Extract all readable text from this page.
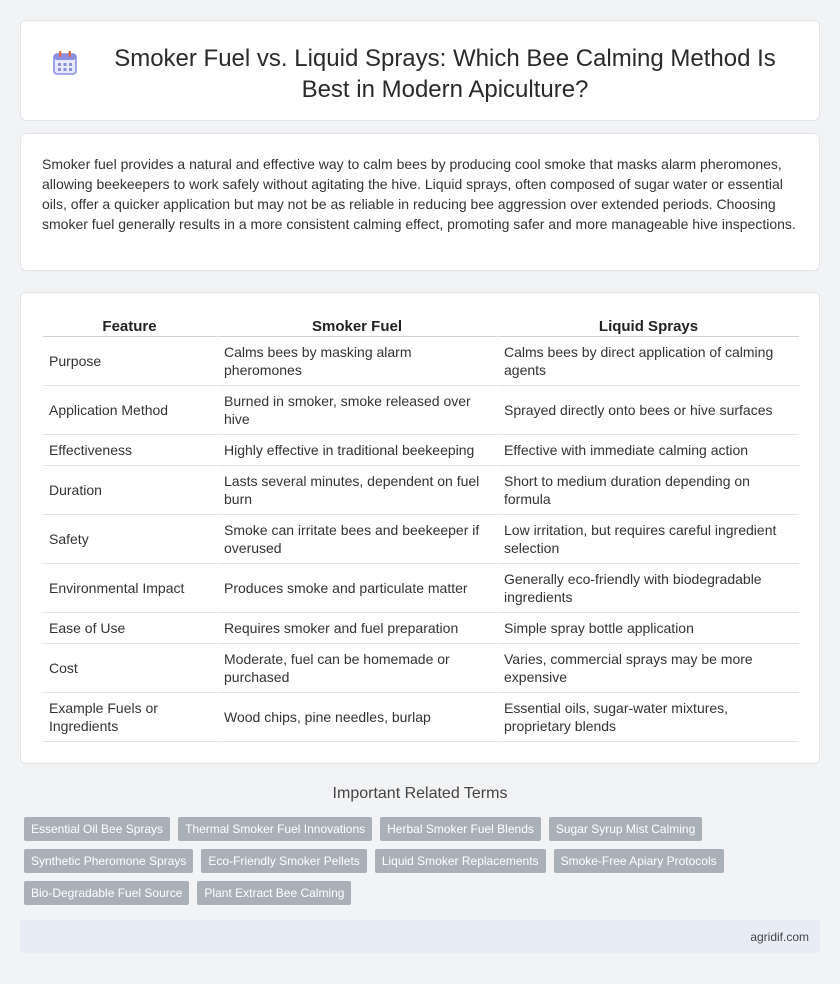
Smoker Fuel vs. Liquid Sprays: Which Bee Calming Method Is Best in Modern Apiculture?

Smoker fuel provides a natural and effective way to calm bees by producing cool smoke that masks alarm pheromones, allowing beekeepers to work safely without agitating the hive. Liquid sprays, often composed of sugar water or essential oils, offer a quicker application but may not be as reliable in reducing bee aggression over extended periods. Choosing smoker fuel generally results in a more consistent calming effect, promoting safer and more manageable hive inspections.

Feature	Smoker Fuel	Liquid Sprays
Purpose	Calms bees by masking alarm pheromones	Calms bees by direct application of calming agents
Application Method	Burned in smoker, smoke released over hive	Sprayed directly onto bees or hive surfaces
Effectiveness	Highly effective in traditional beekeeping	Effective with immediate calming action
Duration	Lasts several minutes, dependent on fuel burn	Short to medium duration depending on formula
Safety	Smoke can irritate bees and beekeeper if overused	Low irritation, but requires careful ingredient selection
Environmental Impact	Produces smoke and particulate matter	Generally eco-friendly with biodegradable ingredients
Ease of Use	Requires smoker and fuel preparation	Simple spray bottle application
Cost	Moderate, fuel can be homemade or purchased	Varies, commercial sprays may be more expensive
Example Fuels or Ingredients	Wood chips, pine needles, burlap	Essential oils, sugar-water mixtures, proprietary blends
Important Related Terms
Essential Oil Bee Sprays	Thermal Smoker Fuel Innovations	Herbal Smoker Fuel Blends	Sugar Syrup Mist Calming
Synthetic Pheromone Sprays	Eco-Friendly Smoker Pellets	Liquid Smoker Replacements	Smoke-Free Apiary Protocols
Bio-Degradable Fuel Source	Plant Extract Bee Calming
agridif.com
